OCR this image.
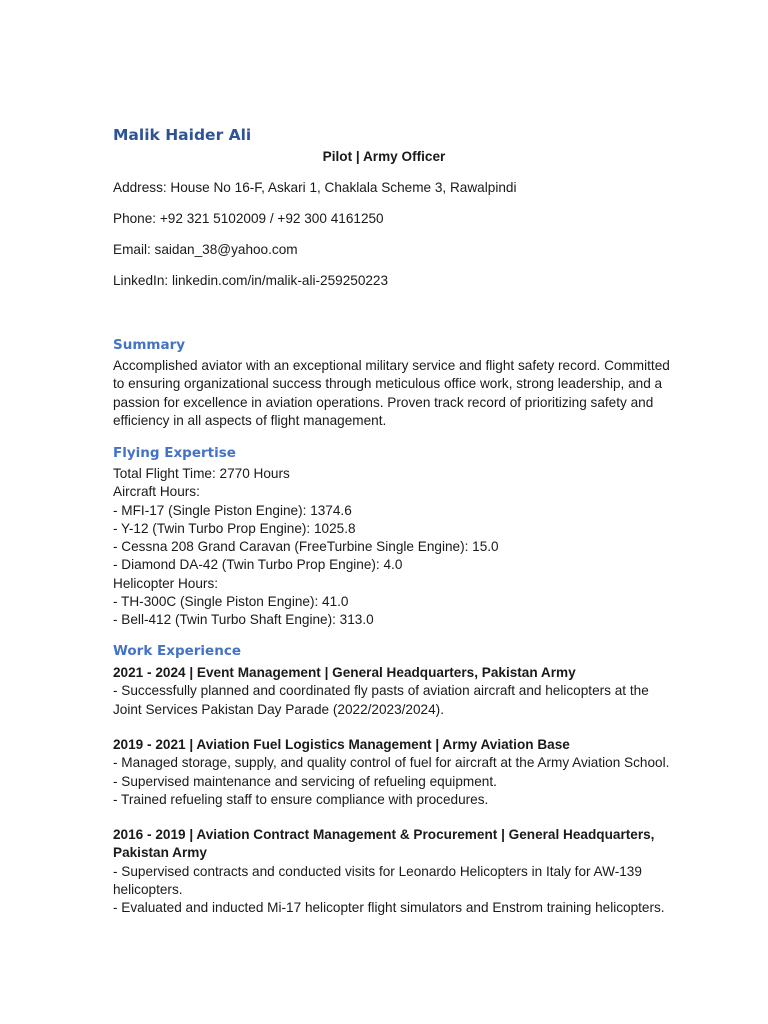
Malik Haider Ali
Pilot | Army Officer
Address: House No 16-F, Askari 1, Chaklala Scheme 3, Rawalpindi
Phone: +92 321 5102009 / +92 300 4161250
Email: saidan_38@yahoo.com
LinkedIn: linkedin.com/in/malik-ali-259250223
Summary
Accomplished aviator with an exceptional military service and flight safety record. Committed
to ensuring organizational success through meticulous office work, strong leadership, and a
passion for excellence in aviation operations. Proven track record of prioritizing safety and
efficiency in all aspects of flight management.
Flying Expertise
Total Flight Time: 2770 Hours
Aircraft Hours:
- MFI-17 (Single Piston Engine): 1374.6
- Y-12 (Twin Turbo Prop Engine): 1025.8
- Cessna 208 Grand Caravan (FreeTurbine Single Engine): 15.0
- Diamond DA-42 (Twin Turbo Prop Engine): 4.0
Helicopter Hours:
- TH-300C (Single Piston Engine): 41.0
- Bell-412 (Twin Turbo Shaft Engine): 313.0
Work Experience
2021 - 2024 | Event Management | General Headquarters, Pakistan Army
- Successfully planned and coordinated fly pasts of aviation aircraft and helicopters at the
Joint Services Pakistan Day Parade (2022/2023/2024).
2019 - 2021 | Aviation Fuel Logistics Management | Army Aviation Base
- Managed storage, supply, and quality control of fuel for aircraft at the Army Aviation School.
- Supervised maintenance and servicing of refueling equipment.
- Trained refueling staff to ensure compliance with procedures.
2016 - 2019 | Aviation Contract Management & Procurement | General Headquarters,
Pakistan Army
- Supervised contracts and conducted visits for Leonardo Helicopters in Italy for AW-139
helicopters.
- Evaluated and inducted Mi-17 helicopter flight simulators and Enstrom training helicopters.
